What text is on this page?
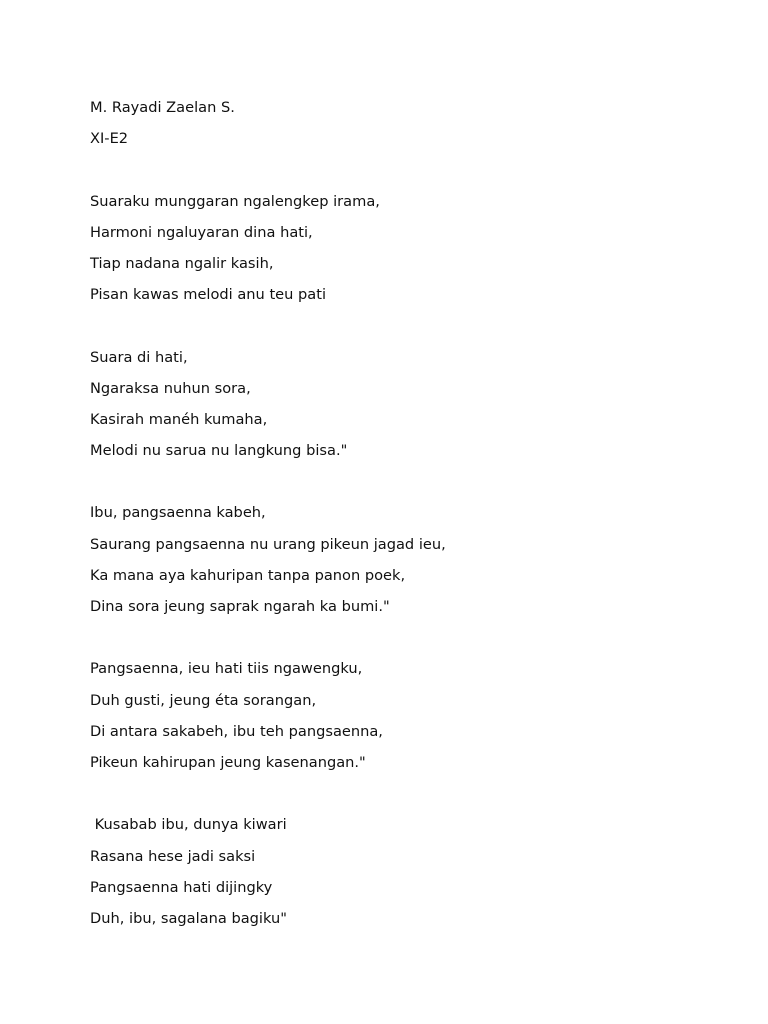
M. Rayadi Zaelan S.
XI-E2
Suaraku munggaran ngalengkep irama,
Harmoni ngaluyaran dina hati,
Tiap nadana ngalir kasih,
Pisan kawas melodi anu teu pati
Suara di hati,
Ngaraksa nuhun sora,
Kasirah manéh kumaha,
Melodi nu sarua nu langkung bisa."
Ibu, pangsaenna kabeh,
Saurang pangsaenna nu urang pikeun jagad ieu,
Ka mana aya kahuripan tanpa panon poek,
Dina sora jeung saprak ngarah ka bumi."
Pangsaenna, ieu hati tiis ngawengku,
Duh gusti, jeung éta sorangan,
Di antara sakabeh, ibu teh pangsaenna,
Pikeun kahirupan jeung kasenangan."
Kusabab ibu, dunya kiwari
Rasana hese jadi saksi
Pangsaenna hati dijingky
Duh, ibu, sagalana bagiku"
